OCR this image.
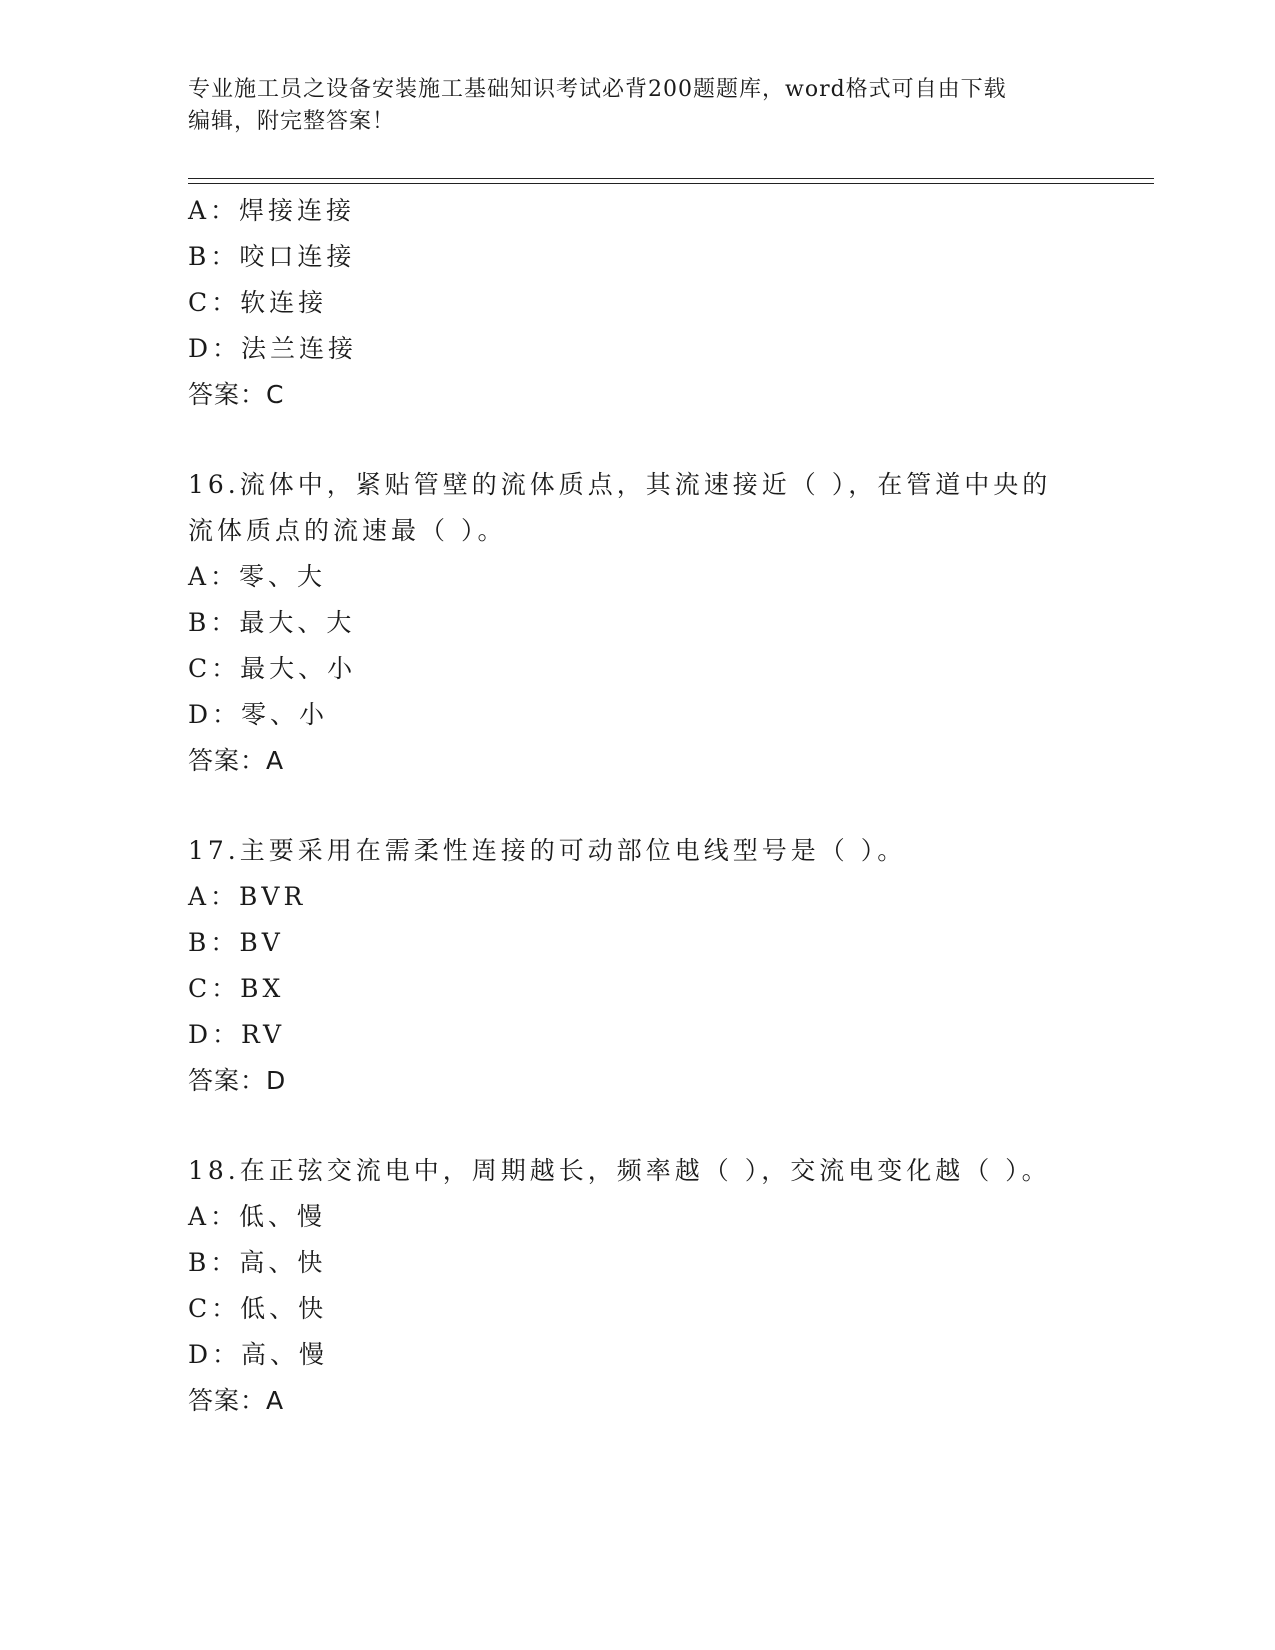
专业施工员之设备安装施工基础知识考试必背200题题库，word格式可自由下载
编辑，附完整答案！
A：焊接连接
B：咬口连接
C：软连接
D：法兰连接
答案：C
16.流体中，紧贴管壁的流体质点，其流速接近（ ），在管道中央的
流体质点的流速最（ ）。
A：零、大
B：最大、大
C：最大、小
D：零、小
答案：A
17.主要采用在需柔性连接的可动部位电线型号是（ ）。
A：BVR
B：BV
C：BX
D：RV
答案：D
18.在正弦交流电中，周期越长，频率越（ ），交流电变化越（ ）。
A：低、慢
B：高、快
C：低、快
D：高、慢
答案：A
